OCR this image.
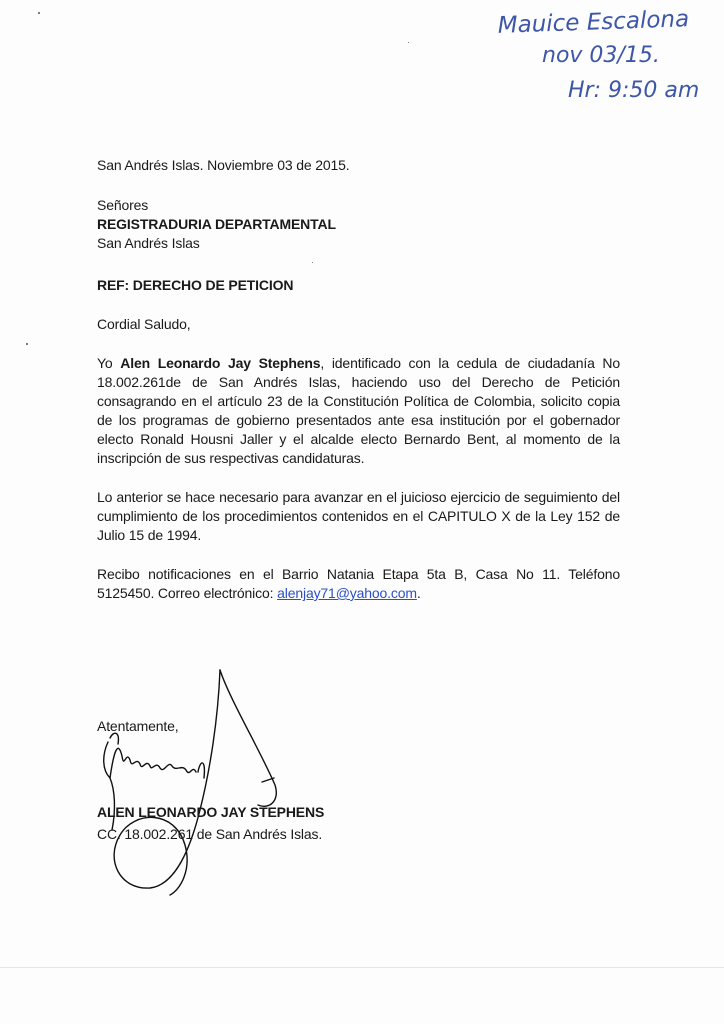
Mauice Escalona
nov 03/15.
Hr: 9:50 am

San Andrés Islas. Noviembre 03 de 2015.

Señores

REGISTRADURIA DEPARTAMENTAL

San Andrés Islas

REF: DERECHO DE PETICION

Cordial Saludo,

Yo Alen Leonardo Jay Stephens, identificado con la cedula de ciudadanía No
18.002.261de de San Andrés Islas, haciendo uso del Derecho de Petición
consagrando en el artículo 23 de la Constitución Política de Colombia, solicito copia
de los programas de gobierno presentados ante esa institución por el gobernador
electo Ronald Housni Jaller y el alcalde electo Bernardo Bent, al momento de la
inscripción de sus respectivas candidaturas.
Lo anterior se hace necesario para avanzar en el juicioso ejercicio de seguimiento del
cumplimiento de los procedimientos contenidos en el CAPITULO X de la Ley 152 de
Julio 15 de 1994.
Recibo notificaciones en el Barrio Natania Etapa 5ta B, Casa No 11. Teléfono
5125450. Correo electrónico: alenjay71@yahoo.com.

Atentamente,

ALEN LEONARDO JAY STEPHENS

CC. 18.002.261 de San Andrés Islas.
